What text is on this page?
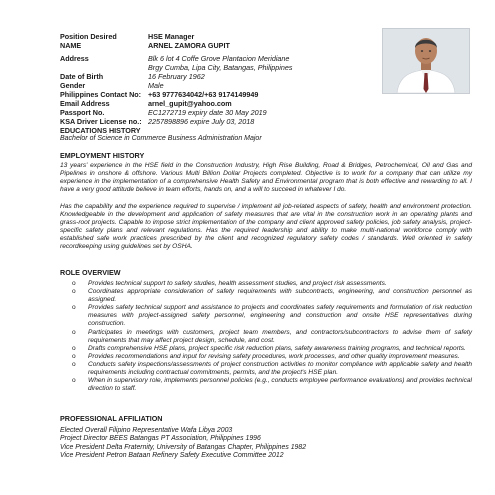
Position Desired	HSE Manager
NAME	ARNEL ZAMORA GUPIT
Address	Blk 6 lot 4 Coffe Grove Plantacion Meridiane
Brgy Cumba, Lipa City, Batangas, Philippines
Date of Birth	16 February 1962
Gender	Male
Philippines Contact No: +63 9777634042/+63 9174149949
Email Address	arnel_gupit@yahoo.com
Passport No.	EC1272719 expiry date 30 May 2019
KSA Driver License no.: 2257898896 expire July 03, 2018
EDUCATIONS HISTORY
Bachelor of Science in Commerce Business Administration Major
EMPLOYMENT HISTORY
13 years' experience in the HSE field in the Construction Industry, High Rise Building, Road & Bridges, Petrochemical, Oil and Gas and Pipelines in onshore & offshore. Various Multi Billion Dollar Projects completed. Objective is to work for a company that can utilize my experience in the implementation of a comprehensive Health Safety and Environmental program that is both effective and rewarding to all. I have a very good attitude believe in team efforts, hands on, and a will to succeed in whatever I do.
Has the capability and the experience required to supervise / implement all job-related aspects of safety, health and environment protection. Knowledgeable in the development and application of safety measures that are vital in the construction work in an operating plants and grass-root projects. Capable to impose strict implementation of the company and client approved safety policies, job safety analysis, project-specific safety plans and relevant regulations. Has the required leadership and ability to make multi-national workforce comply with established safe work practices prescribed by the client and recognized regulatory safety codes / standards. Well oriented in safety recordkeeping using guidelines set by OSHA.
ROLE OVERVIEW
o Provides technical support to safety studies, health assessment studies, and project risk assessments.
o Coordinates appropriate consideration of safety requirements with subcontracts, engineering, and construction personnel as assigned.
o Provides safety technical support and assistance to projects and coordinates safety requirements and formulation of risk reduction measures with project-assigned safety personnel, engineering and construction and onsite HSE representatives during construction.
o Participates in meetings with customers, project team members, and contractors/subcontractors to advise them of safety requirements that may affect project design, schedule, and cost.
o Drafts comprehensive HSE plans, project specific risk reduction plans, safety awareness training programs, and technical reports.
o Provides recommendations and input for revising safety procedures, work processes, and other quality improvement measures.
o Conducts safety inspections/assessments of project construction activities to monitor compliance with applicable safety and health requirements including contractual commitments, permits, and the project's HSE plan.
o When in supervisory role, implements personnel policies (e.g., conducts employee performance evaluations) and provides technical direction to staff.
PROFESSIONAL AFFILIATION
Elected Overall Filipino Representative Wafa Libya 2003
Project Director BEES Batangas PT Association, Philippines 1996
Vice President Delta Fraternity, University of Batangas Chapter, Philippines 1982
Vice President Petron Bataan Refinery Safety Executive Committee 2012
